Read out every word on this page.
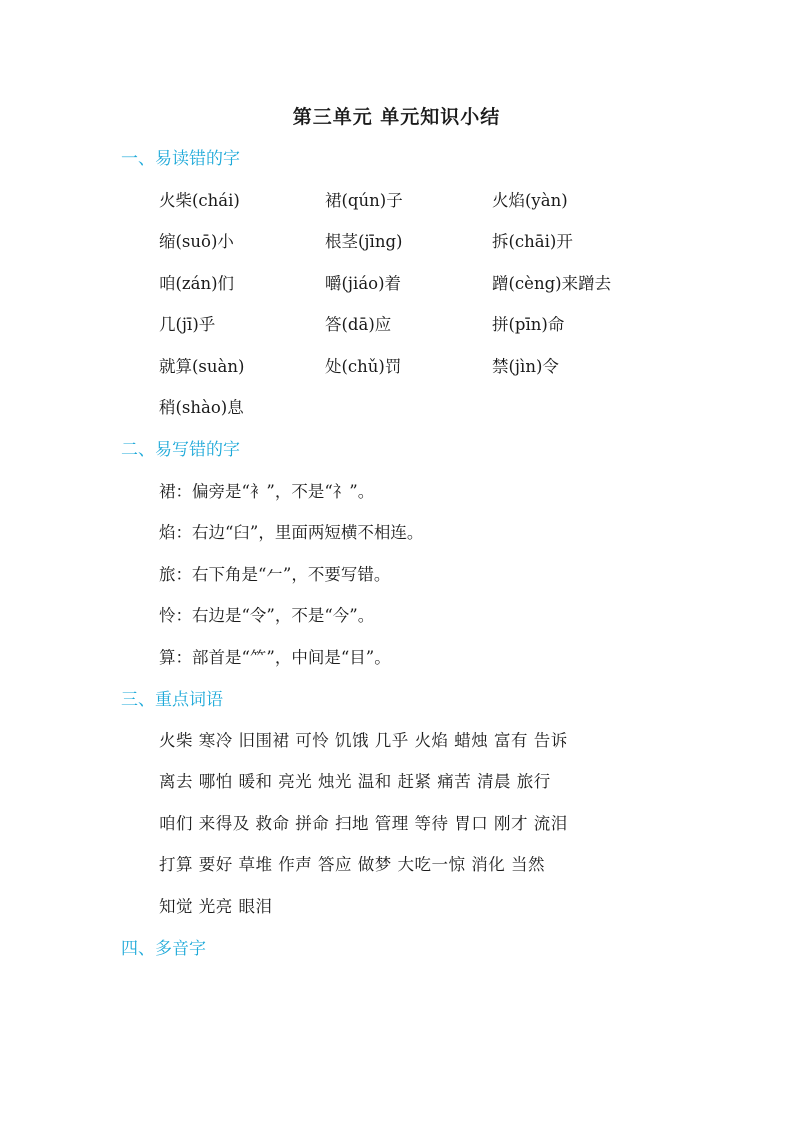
第三单元 单元知识小结
一、易读错的字
火柴(chái)	裙(qún)子	火焰(yàn)
缩(suō)小	根茎(jīng)	拆(chāi)开
咱(zán)们	嚼(jiáo)着	蹭(cèng)来蹭去
几(jī)乎	答(dā)应	拼(pīn)命
就算(suàn)	处(chǔ)罚	禁(jìn)令
稍(shào)息
二、易写错的字
裙：偏旁是“衤”，不是“礻”。
焰：右边“臼”，里面两短横不相连。
旅：右下角是“𠂉”，不要写错。
怜：右边是“令”，不是“今”。
算：部首是“⺮”，中间是“目”。
三、重点词语
火柴 寒冷 旧围裙 可怜 饥饿 几乎 火焰 蜡烛 富有 告诉
离去 哪怕 暖和 亮光 烛光 温和 赶紧 痛苦 清晨 旅行
咱们 来得及 救命 拼命 扫地 管理 等待 胃口 刚才 流泪
打算 要好 草堆 作声 答应 做梦 大吃一惊 消化 当然
知觉 光亮 眼泪
四、多音字
